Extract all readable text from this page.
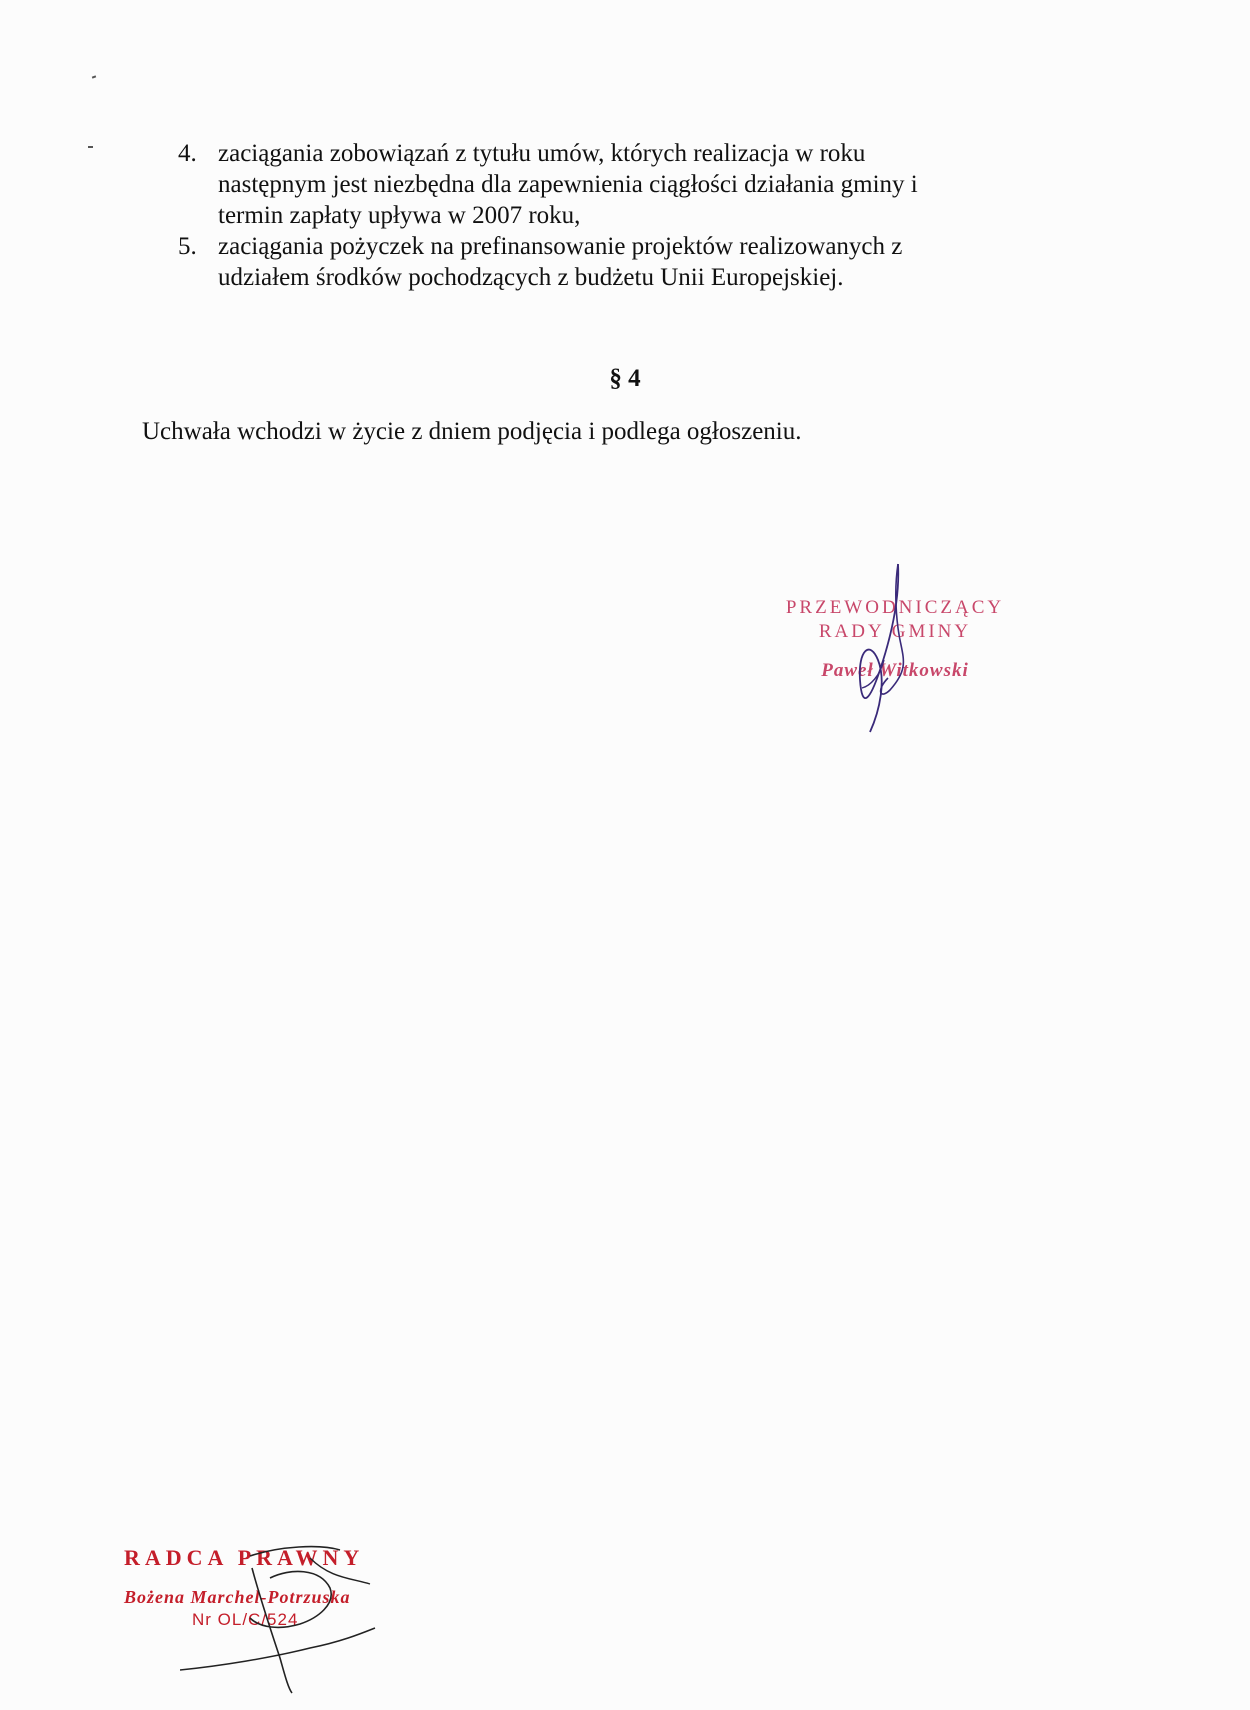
4. zaciągania zobowiązań z tytułu umów, których realizacja w roku
następnym jest niezbędna dla zapewnienia ciągłości działania gminy i
termin zapłaty upływa w 2007 roku,
5. zaciągania pożyczek na prefinansowanie projektów realizowanych z
udziałem środków pochodzących z budżetu Unii Europejskiej.
§ 4
Uchwała wchodzi w życie z dniem podjęcia i podlega ogłoszeniu.
PRZEWODNICZĄCY
RADY GMINY
Paweł Witkowski
RADCA PRAWNY
Bożena Marchel-Potrzuska
Nr OL/C/524
